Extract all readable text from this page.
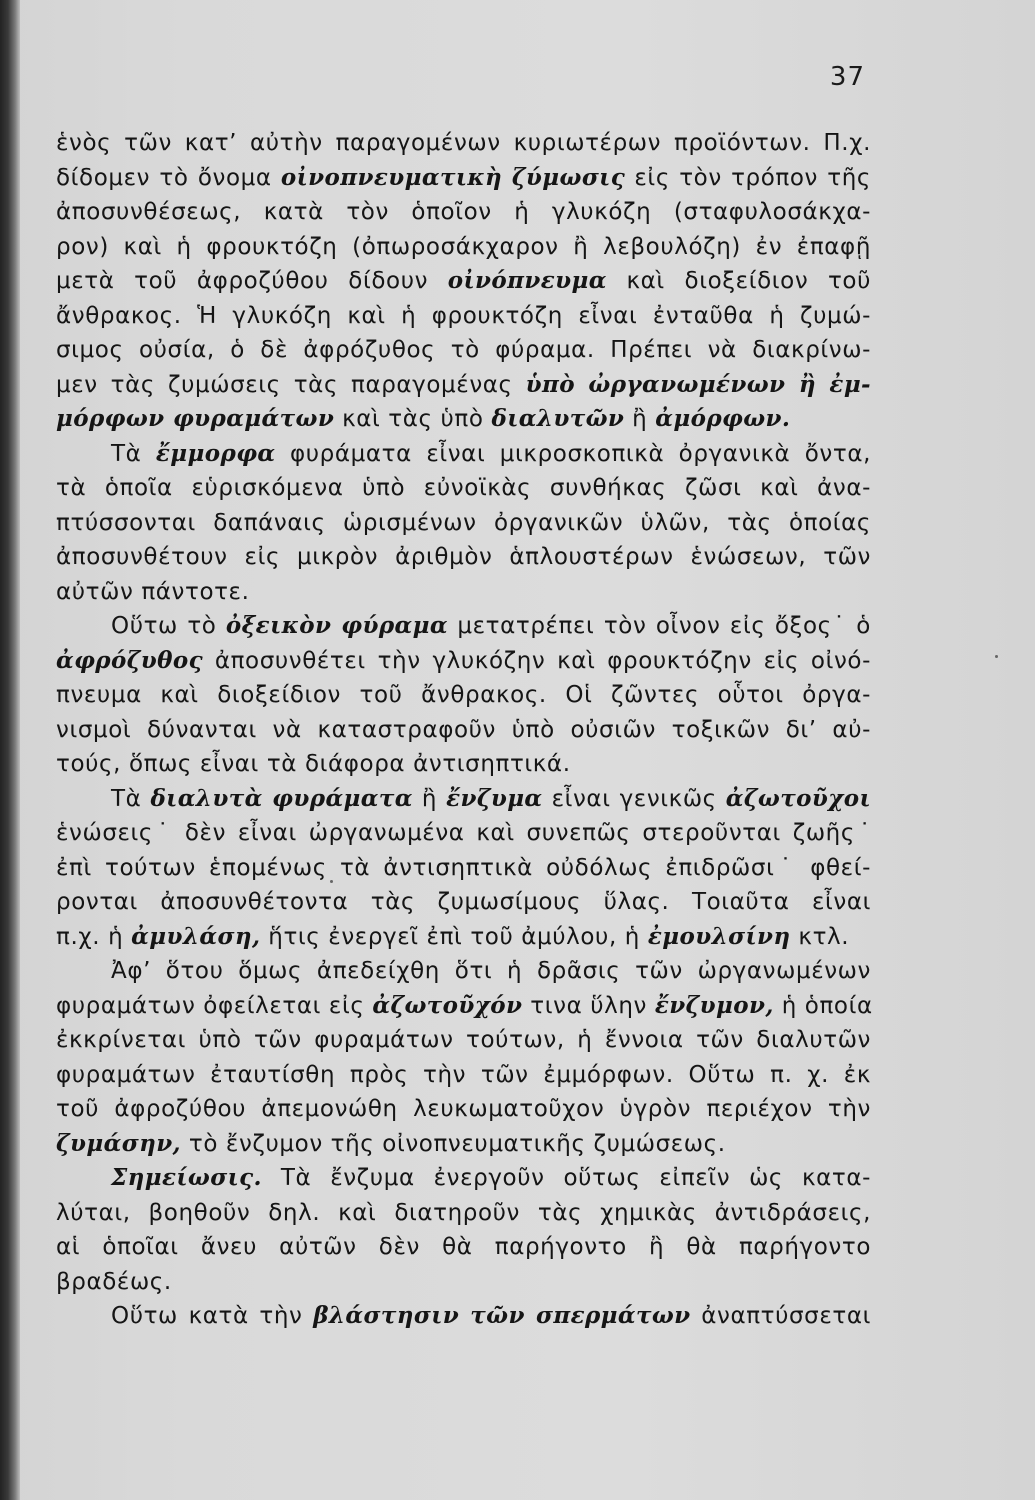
37
ἑνὸς τῶν κατ’ αὐτὴν παραγομένων κυριωτέρων προϊόντων. Π.χ.
δίδομεν τὸ ὄνομα οἰνοπνευματικὴ ζύμωσις εἰς τὸν τρόπον τῆς
ἀποσυνθέσεως, κατὰ τὸν ὁποῖον ἡ γλυκόζη (σταφυλοσάκχα-
ρον) καὶ ἡ φρουκτόζη (ὀπωροσάκχαρον ἢ λεβουλόζη) ἐν ἐπαφῇ
μετὰ τοῦ ἀφροζύθου δίδουν οἰνόπνευμα καὶ διοξείδιον τοῦ
ἄνθρακος. Ἡ γλυκόζη καὶ ἡ φρουκτόζη εἶναι ἐνταῦθα ἡ ζυμώ-
σιμος οὐσία, ὁ δὲ ἀφρόζυθος τὸ φύραμα. Πρέπει νὰ διακρίνω-
μεν τὰς ζυμώσεις τὰς παραγομένας ὑπὸ ὠργανωμένων ἢ ἐμ-
μόρφων φυραμάτων καὶ τὰς ὑπὸ διαλυτῶν ἢ ἀμόρφων.
Τὰ ἔμμορφα φυράματα εἶναι μικροσκοπικὰ ὀργανικὰ ὄντα,
τὰ ὁποῖα εὑρισκόμενα ὑπὸ εὐνοϊκὰς συνθήκας ζῶσι καὶ ἀνα-
πτύσσονται δαπάναις ὡρισμένων ὀργανικῶν ὑλῶν, τὰς ὁποίας
ἀποσυνθέτουν εἰς μικρὸν ἀριθμὸν ἁπλουστέρων ἑνώσεων, τῶν
αὐτῶν πάντοτε.
Οὕτω τὸ ὀξεικὸν φύραμα μετατρέπει τὸν οἶνον εἰς ὄξος˙ ὁ
ἀφρόζυθος ἀποσυνθέτει τὴν γλυκόζην καὶ φρουκτόζην εἰς οἰνό-
πνευμα καὶ διοξείδιον τοῦ ἄνθρακος. Οἱ ζῶντες οὗτοι ὀργα-
νισμοὶ δύνανται νὰ καταστραφοῦν ὑπὸ οὐσιῶν τοξικῶν δι’ αὐ-
τούς, ὅπως εἶναι τὰ διάφορα ἀντισηπτικά.
Τὰ διαλυτὰ φυράματα ἢ ἔνζυμα εἶναι γενικῶς ἀζωτοῦχοι
ἑνώσεις˙ δὲν εἶναι ὠργανωμένα καὶ συνεπῶς στεροῦνται ζωῆς˙
ἐπὶ τούτων ἑπομένως τὰ ἀντισηπτικὰ οὐδόλως ἐπιδρῶσι˙ φθεί-
ρονται ἀποσυνθέτοντα τὰς ζυμωσίμους ὕλας. Τοιαῦτα εἶναι
π.χ. ἡ ἀμυλάση, ἥτις ἐνεργεῖ ἐπὶ τοῦ ἀμύλου, ἡ ἐμουλσίνη κτλ.
Ἀφ’ ὅτου ὅμως ἀπεδείχθη ὅτι ἡ δρᾶσις τῶν ὠργανωμένων
φυραμάτων ὀφείλεται εἰς ἀζωτοῦχόν τινα ὕλην ἔνζυμον, ἡ ὁποία
ἐκκρίνεται ὑπὸ τῶν φυραμάτων τούτων, ἡ ἔννοια τῶν διαλυτῶν
φυραμάτων ἐταυτίσθη πρὸς τὴν τῶν ἐμμόρφων. Οὕτω π. χ. ἐκ
τοῦ ἀφροζύθου ἀπεμονώθη λευκωματοῦχον ὑγρὸν περιέχον τὴν
ζυμάσην, τὸ ἔνζυμον τῆς οἰνοπνευματικῆς ζυμώσεως.
Σημείωσις. Τὰ ἔνζυμα ἐνεργοῦν οὕτως εἰπεῖν ὡς κατα-
λύται, βοηθοῦν δηλ. καὶ διατηροῦν τὰς χημικὰς ἀντιδράσεις,
αἱ ὁποῖαι ἄνευ αὐτῶν δὲν θὰ παρήγοντο ἢ θὰ παρήγοντο
βραδέως.
Οὕτω κατὰ τὴν βλάστησιν τῶν σπερμάτων ἀναπτύσσεται
